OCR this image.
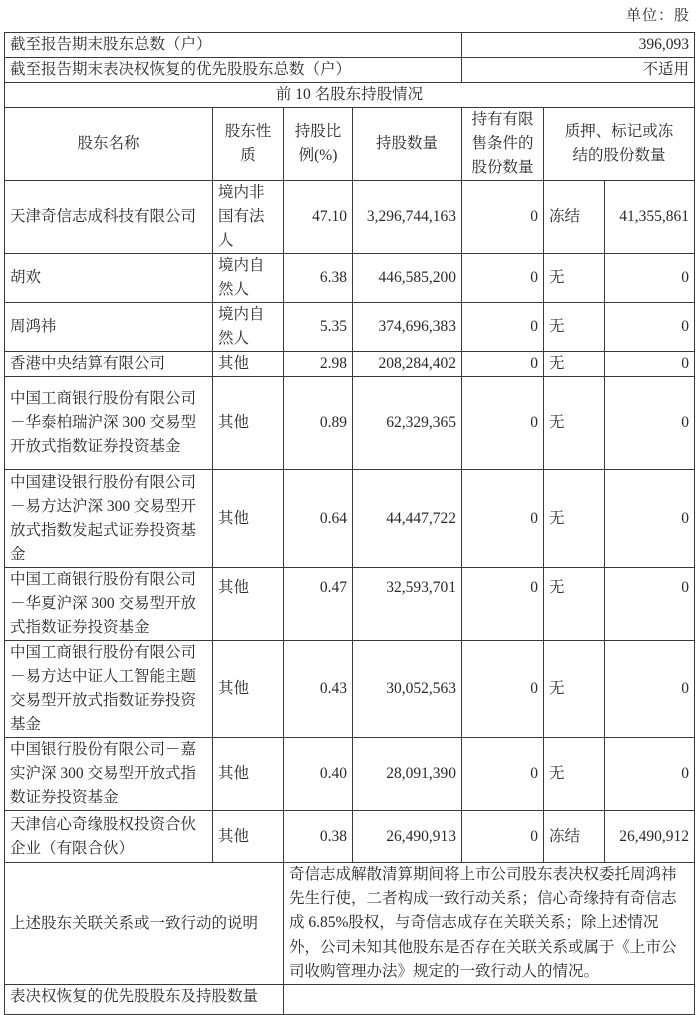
单位：股
截至报告期末股东总数（户）				396,093		
截至报告期末表决权恢复的优先股股东总数（户）				不适用		
前 10 名股东持股情况						
股东名称	股东性质	持股比例(%)	持股数量	持有有限售条件的股份数量	质押、标记或冻结的股份数量	
天津奇信志成科技有限公司	境内非国有法人	47.10	3,296,744,163	0	冻结	41,355,861
胡欢	境内自然人	6.38	446,585,200	0	无	0
周鸿祎	境内自然人	5.35	374,696,383	0	无	0
香港中央结算有限公司	其他	2.98	208,284,402	0	无	0
中国工商银行股份有限公司－华泰柏瑞沪深 300 交易型开放式指数证券投资基金	其他	0.89	62,329,365	0	无	0
中国建设银行股份有限公司－易方达沪深 300 交易型开放式指数发起式证券投资基金	其他	0.64	44,447,722	0	无	0
中国工商银行股份有限公司－华夏沪深 300 交易型开放式指数证券投资基金	其他	0.47	32,593,701	0	无	0
中国工商银行股份有限公司－易方达中证人工智能主题交易型开放式指数证券投资基金	其他	0.43	30,052,563	0	无	0
中国银行股份有限公司－嘉实沪深 300 交易型开放式指数证券投资基金	其他	0.40	28,091,390	0	无	0
天津信心奇缘股权投资合伙企业（有限合伙）	其他	0.38	26,490,913	0	冻结	26,490,912
上述股东关联关系或一致行动的说明		奇信志成解散清算期间将上市公司股东表决权委托周鸿祎先生行使，二者构成一致行动关系；信心奇缘持有奇信志成 6.85%股权，与奇信志成存在关联关系；除上述情况外，公司未知其他股东是否存在关联关系或属于《上市公司收购管理办法》规定的一致行动人的情况。				
表决权恢复的优先股股东及持股数量						
